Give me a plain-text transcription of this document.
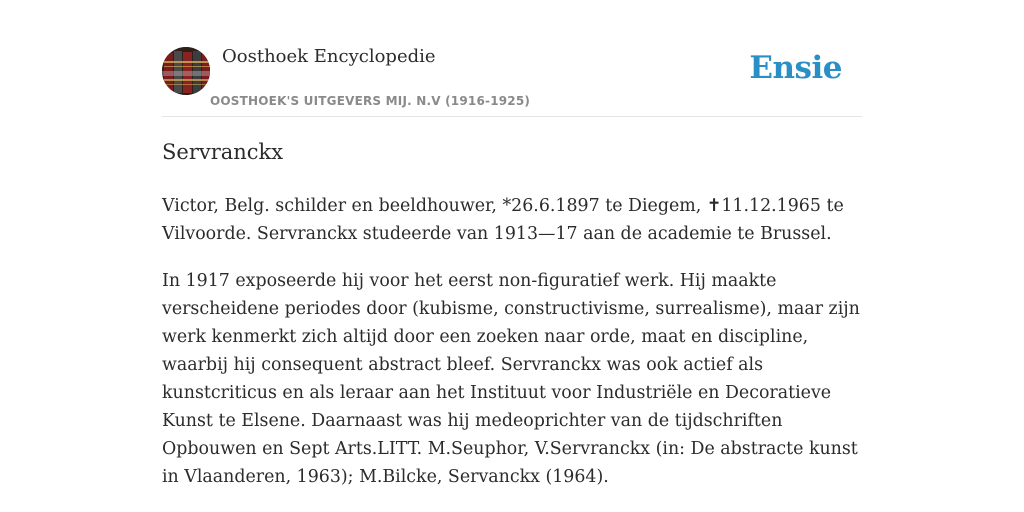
Oosthoek Encyclopedie
OOSTHOEK'S UITGEVERS MIJ. N.V (1916-1925)
Ensie
Servranckx

Victor, Belg. schilder en beeldhouwer, *26.6.1897 te Diegem, ✝11.12.1965 te Vilvoorde. Servranckx studeerde van 1913—17 aan de academie te Brussel.

In 1917 exposeerde hij voor het eerst non-figuratief werk. Hij maakte verscheidene periodes door (kubisme, constructivisme, surrealisme), maar zijn werk kenmerkt zich altijd door een zoeken naar orde, maat en discipline, waarbij hij consequent abstract bleef. Servranckx was ook actief als kunstcriticus en als leraar aan het Instituut voor Industriële en Decoratieve Kunst te Elsene. Daarnaast was hij medeoprichter van de tijdschriften Opbouwen en Sept Arts.LITT. M.Seuphor, V.Servranckx (in: De abstracte kunst in Vlaanderen, 1963); M.Bilcke, Servanckx (1964).
